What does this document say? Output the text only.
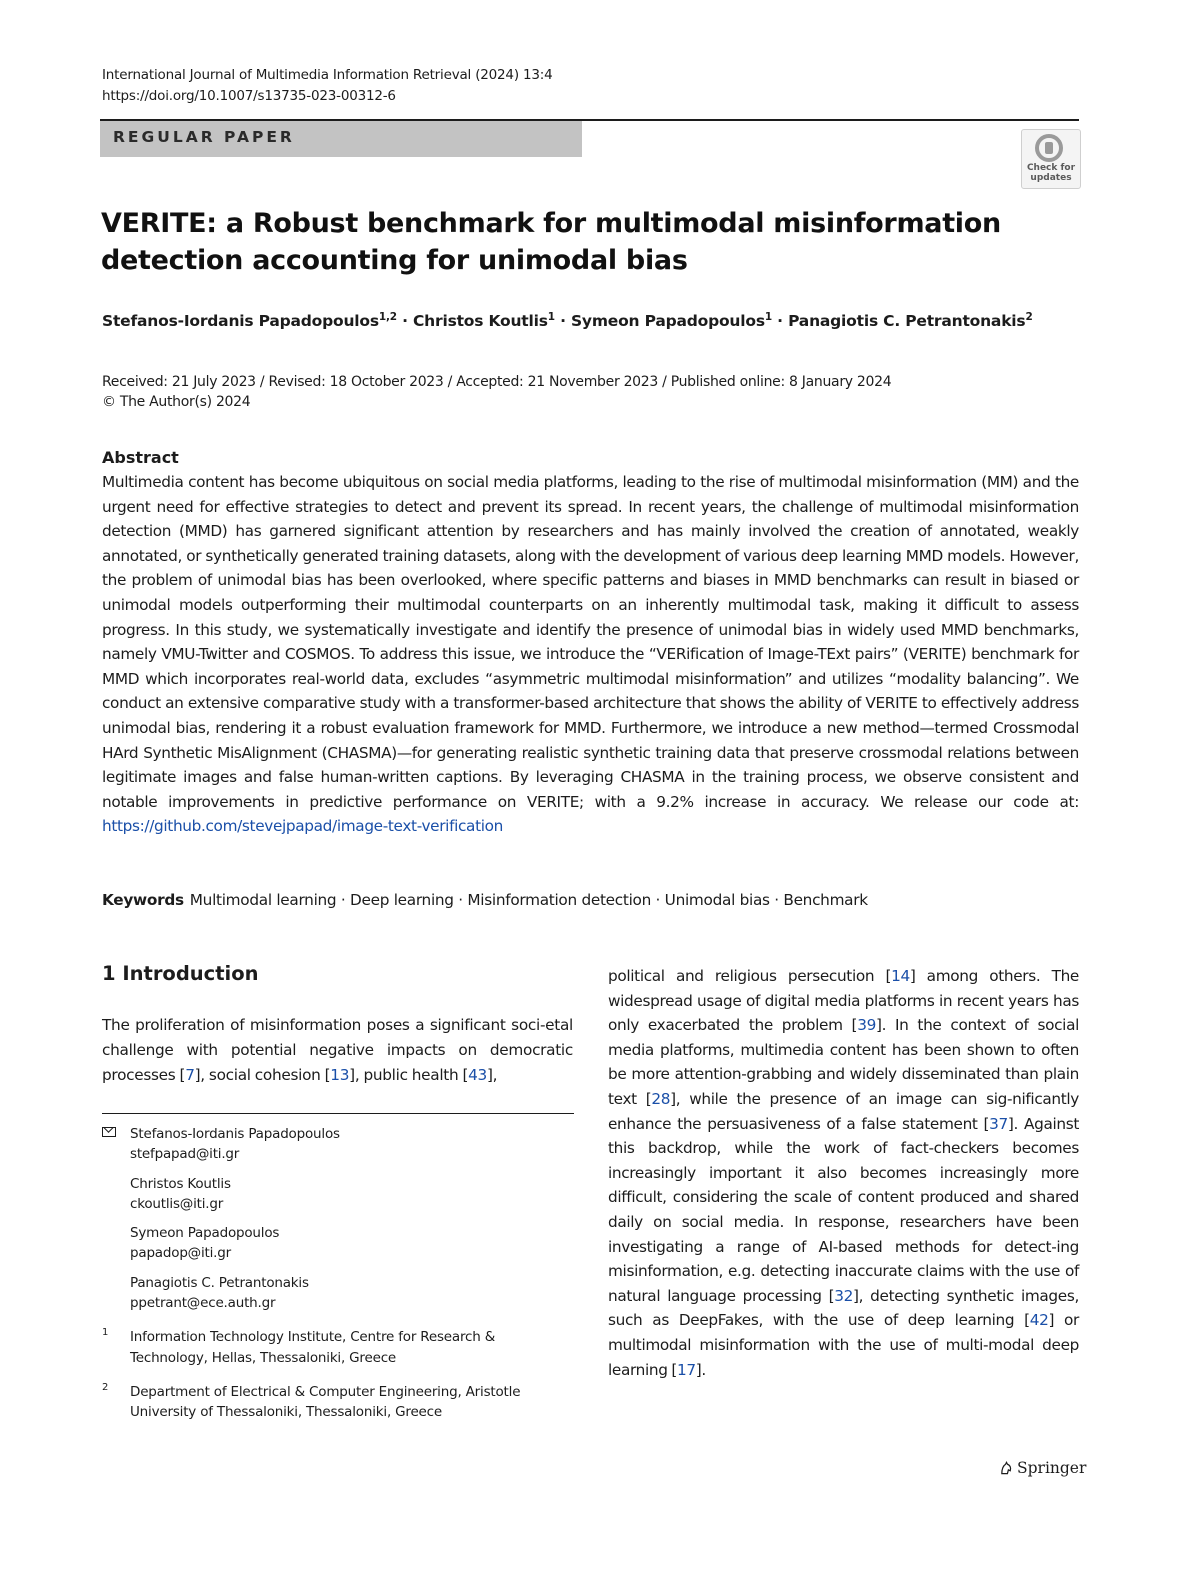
International Journal of Multimedia Information Retrieval (2024) 13:4
https://doi.org/10.1007/s13735-023-00312-6
REGULAR PAPER
Check for updates
VERITE: a Robust benchmark for multimodal misinformation detection accounting for unimodal bias
Stefanos-Iordanis Papadopoulos$^{1,2}$ · Christos Koutlis$^1$ · Symeon Papadopoulos$^1$ · Panagiotis C. Petrantonakis$^2$
Received: 21 July 2023 / Revised: 18 October 2023 / Accepted: 21 November 2023 / Published online: 8 January 2024
© The Author(s) 2024
Abstract
Multimedia content has become ubiquitous on social media platforms, leading to the rise of multimodal misinformation (MM) and the urgent need for effective strategies to detect and prevent its spread. In recent years, the challenge of multimodal misinformation detection (MMD) has garnered significant attention by researchers and has mainly involved the creation of annotated, weakly annotated, or synthetically generated training datasets, along with the development of various deep learning MMD models. However, the problem of unimodal bias has been overlooked, where specific patterns and biases in MMD benchmarks can result in biased or unimodal models outperforming their multimodal counterparts on an inherently multimodal task, making it difficult to assess progress. In this study, we systematically investigate and identify the presence of unimodal bias in widely used MMD benchmarks, namely VMU-Twitter and COSMOS. To address this issue, we introduce the “VERification of Image-TExt pairs” (VERITE) benchmark for MMD which incorporates real-world data, excludes “asymmetric multimodal misinformation” and utilizes “modality balancing”. We conduct an extensive comparative study with a transformer-based architecture that shows the ability of VERITE to effectively address unimodal bias, rendering it a robust evaluation framework for MMD. Furthermore, we introduce a new method—termed Crossmodal HArd Synthetic MisAlignment (CHASMA)—for generating realistic synthetic training data that preserve crossmodal relations between legitimate images and false human-written captions. By leveraging CHASMA in the training process, we observe consistent and notable improvements in predictive performance on VERITE; with a 9.2% increase in accuracy. We release our code at: https://github.com/stevejpapad/image-text-verification
Keywords Multimodal learning · Deep learning · Misinformation detection · Unimodal bias · Benchmark
1 Introduction
The proliferation of misinformation poses a significant soci-etal challenge with potential negative impacts on democratic processes [7], social cohesion [13], public health [43],
political and religious persecution [14] among others. The widespread usage of digital media platforms in recent years has only exacerbated the problem [39]. In the context of social media platforms, multimedia content has been shown to often be more attention-grabbing and widely disseminated than plain text [28], while the presence of an image can sig-nificantly enhance the persuasiveness of a false statement [37]. Against this backdrop, while the work of fact-checkers becomes increasingly important it also becomes increasingly more difficult, considering the scale of content produced and shared daily on social media. In response, researchers have been investigating a range of AI-based methods for detect-ing misinformation, e.g. detecting inaccurate claims with the use of natural language processing [32], detecting synthetic images, such as DeepFakes, with the use of deep learning [42] or multimodal misinformation with the use of multi-modal deep learning [17].
Stefanos-Iordanis Papadopoulos
stefpapad@iti.gr
Christos Koutlis
ckoutlis@iti.gr
Symeon Papadopoulos
papadop@iti.gr
Panagiotis C. Petrantonakis
ppetrant@ece.auth.gr
1 Information Technology Institute, Centre for Research & Technology, Hellas, Thessaloniki, Greece
2 Department of Electrical & Computer Engineering, Aristotle University of Thessaloniki, Thessaloniki, Greece
Springer
